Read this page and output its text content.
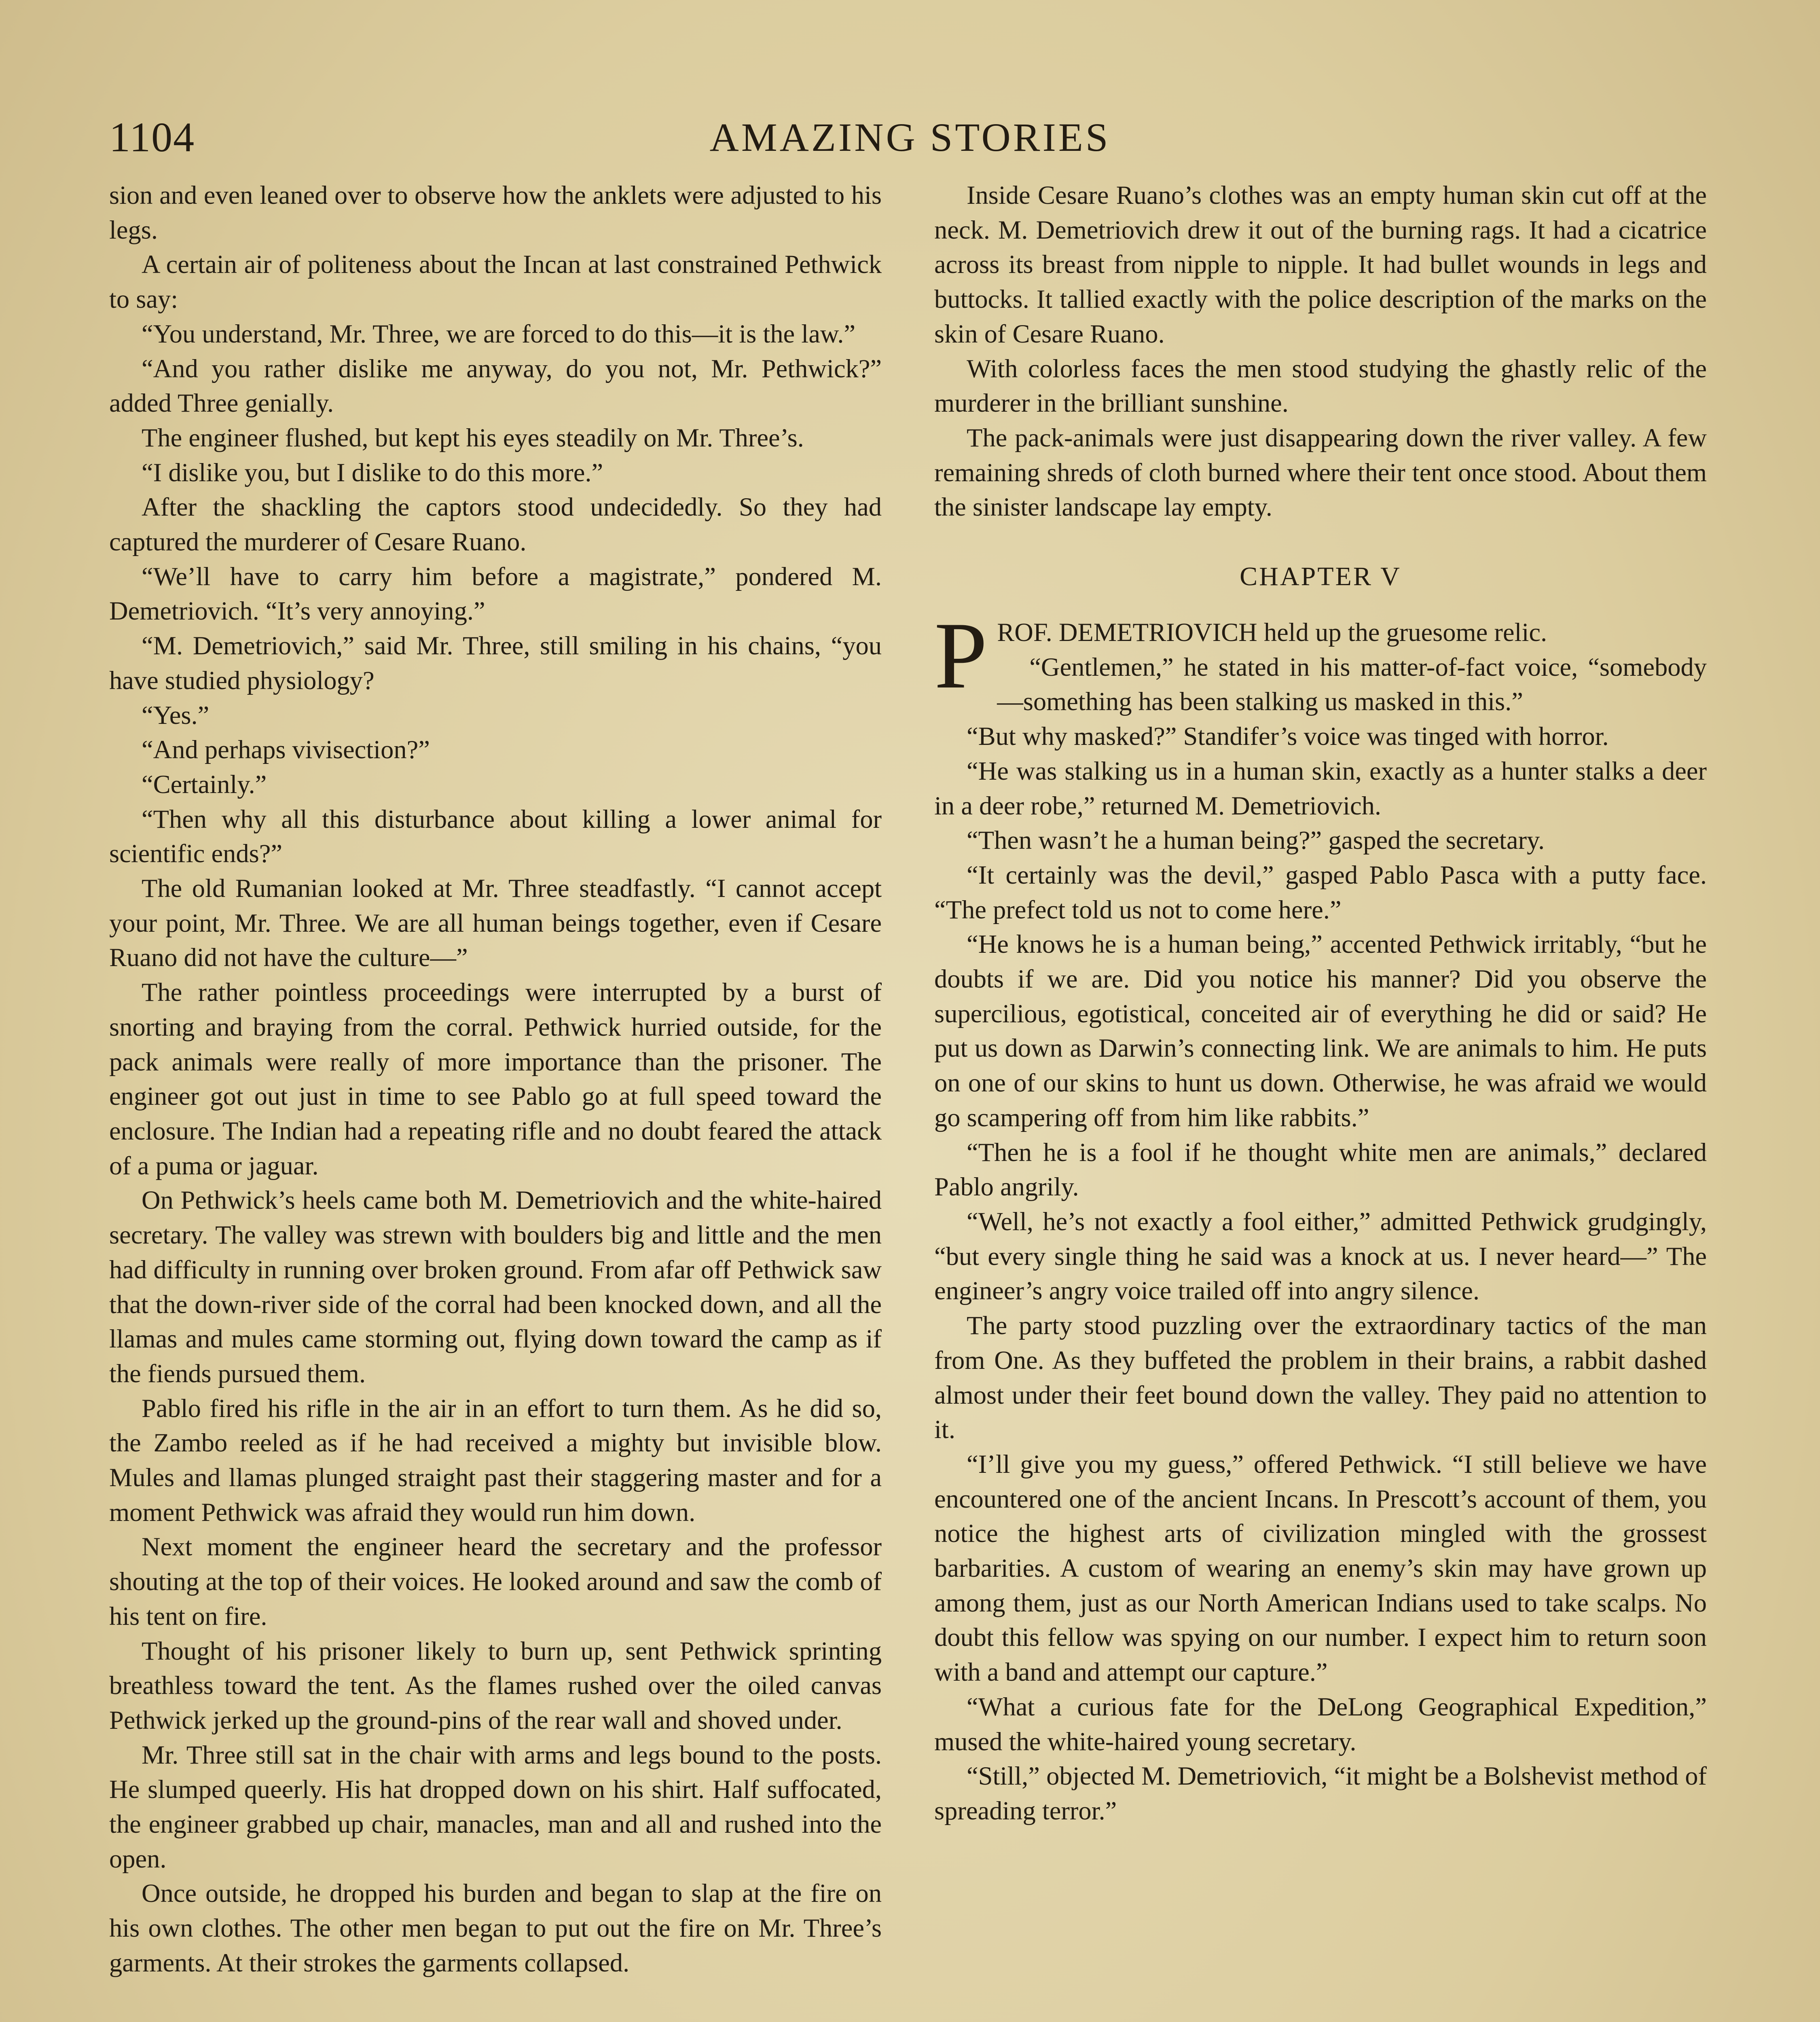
1104	AMAZING STORIES

sion and even leaned over to observe how the anklets were adjusted to his legs.

A certain air of politeness about the Incan at last constrained Pethwick to say:

“You understand, Mr. Three, we are forced to do this—it is the law.”

“And you rather dislike me anyway, do you not, Mr. Pethwick?” added Three genially.

The engineer flushed, but kept his eyes steadily on Mr. Three’s.

“I dislike you, but I dislike to do this more.”

After the shackling the captors stood undecidedly. So they had captured the murderer of Cesare Ruano.

“We’ll have to carry him before a magistrate,” pondered M. Demetriovich. “It’s very annoying.”

“M. Demetriovich,” said Mr. Three, still smiling in his chains, “you have studied physiology?

“Yes.”

“And perhaps vivisection?”

“Certainly.”

“Then why all this disturbance about killing a lower animal for scientific ends?”

The old Rumanian looked at Mr. Three steadfastly. “I cannot accept your point, Mr. Three. We are all human beings together, even if Cesare Ruano did not have the culture—”

The rather pointless proceedings were interrupted by a burst of snorting and braying from the corral. Pethwick hurried outside, for the pack animals were really of more importance than the prisoner. The engineer got out just in time to see Pablo go at full speed toward the enclosure. The Indian had a repeating rifle and no doubt feared the attack of a puma or jaguar.

On Pethwick’s heels came both M. Demetriovich and the white-haired secretary. The valley was strewn with boulders big and little and the men had difficulty in running over broken ground. From afar off Pethwick saw that the down-river side of the corral had been knocked down, and all the llamas and mules came storming out, flying down toward the camp as if the fiends pursued them.

Pablo fired his rifle in the air in an effort to turn them. As he did so, the Zambo reeled as if he had received a mighty but invisible blow. Mules and llamas plunged straight past their staggering master and for a moment Pethwick was afraid they would run him down.

Next moment the engineer heard the secretary and the professor shouting at the top of their voices. He looked around and saw the comb of his tent on fire.

Thought of his prisoner likely to burn up, sent Pethwick sprinting breathless toward the tent. As the flames rushed over the oiled canvas Pethwick jerked up the ground-pins of the rear wall and shoved under.

Mr. Three still sat in the chair with arms and legs bound to the posts. He slumped queerly. His hat dropped down on his shirt. Half suffocated, the engineer grabbed up chair, manacles, man and all and rushed into the open.

Once outside, he dropped his burden and began to slap at the fire on his own clothes. The other men began to put out the fire on Mr. Three’s garments. At their strokes the garments collapsed.

Inside Cesare Ruano’s clothes was an empty human skin cut off at the neck. M. Demetriovich drew it out of the burning rags. It had a cicatrice across its breast from nipple to nipple. It had bullet wounds in legs and buttocks. It tallied exactly with the police description of the marks on the skin of Cesare Ruano.

With colorless faces the men stood studying the ghastly relic of the murderer in the brilliant sunshine.

The pack-animals were just disappearing down the river valley. A few remaining shreds of cloth burned where their tent once stood. About them the sinister landscape lay empty.

CHAPTER V

PROF. DEMETRIOVICH held up the gruesome relic.

“Gentlemen,” he stated in his matter-of-fact voice, “somebody—something has been stalking us masked in this.”

“But why masked?” Standifer’s voice was tinged with horror.

“He was stalking us in a human skin, exactly as a hunter stalks a deer in a deer robe,” returned M. Demetriovich.

“Then wasn’t he a human being?” gasped the secretary.

“It certainly was the devil,” gasped Pablo Pasca with a putty face. “The prefect told us not to come here.”

“He knows he is a human being,” accented Pethwick irritably, “but he doubts if we are. Did you notice his manner? Did you observe the supercilious, egotistical, conceited air of everything he did or said? He put us down as Darwin’s connecting link. We are animals to him. He puts on one of our skins to hunt us down. Otherwise, he was afraid we would go scampering off from him like rabbits.”

“Then he is a fool if he thought white men are animals,” declared Pablo angrily.

“Well, he’s not exactly a fool either,” admitted Pethwick grudgingly, “but every single thing he said was a knock at us. I never heard—” The engineer’s angry voice trailed off into angry silence.

The party stood puzzling over the extraordinary tactics of the man from One. As they buffeted the problem in their brains, a rabbit dashed almost under their feet bound down the valley. They paid no attention to it.

“I’ll give you my guess,” offered Pethwick. “I still believe we have encountered one of the ancient Incans. In Prescott’s account of them, you notice the highest arts of civilization mingled with the grossest barbarities. A custom of wearing an enemy’s skin may have grown up among them, just as our North American Indians used to take scalps. No doubt this fellow was spying on our number. I expect him to return soon with a band and attempt our capture.”

“What a curious fate for the DeLong Geographical Expedition,” mused the white-haired young secretary.

“Still,” objected M. Demetriovich, “it might be a Bolshevist method of spreading terror.”
